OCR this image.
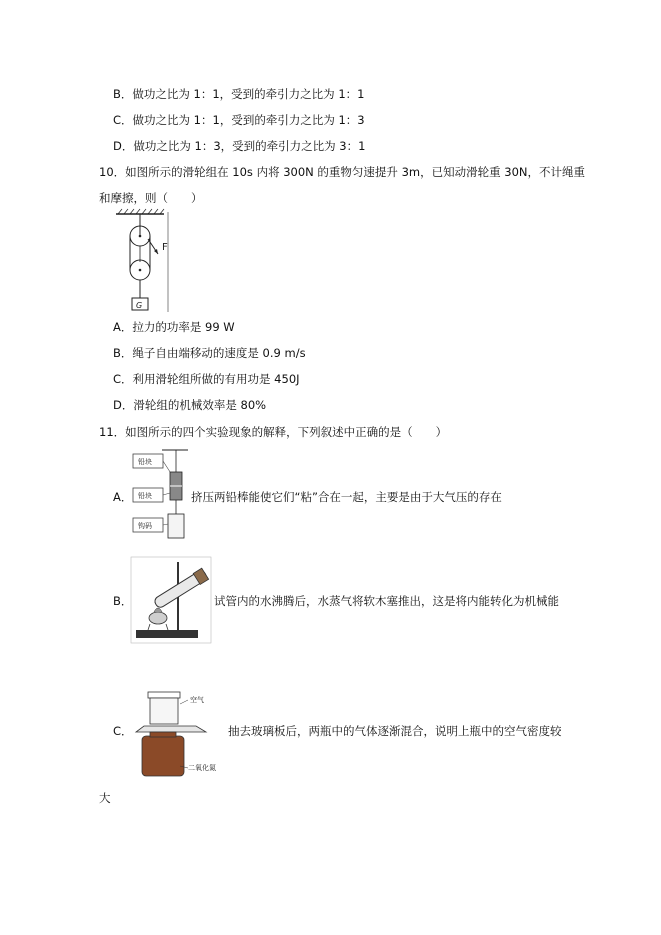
B．做功之比为 1：1，受到的牵引力之比为 1：1
C．做功之比为 1：1，受到的牵引力之比为 1：3
D．做功之比为 1：3，受到的牵引力之比为 3：1
10．如图所示的滑轮组在 10s 内将 300N 的重物匀速提升 3m，已知动滑轮重 30N，不计绳重
和摩擦，则（　　）
F
G
A．拉力的功率是 99 W
B．绳子自由端移动的速度是 0.9 m/s
C．利用滑轮组所做的有用功是 450J
D．滑轮组的机械效率是 80%
11．如图所示的四个实验现象的解释，下列叙述中正确的是（　　）
A．
铅块
铅块
钩码
挤压两铅棒能使它们“粘”合在一起，主要是由于大气压的存在
B．	试管内的水沸腾后，水蒸气将软木塞推出，这是将内能转化为机械能
C．
空气
二氧化氮
抽去玻璃板后，两瓶中的气体逐渐混合，说明上瓶中的空气密度较
大
